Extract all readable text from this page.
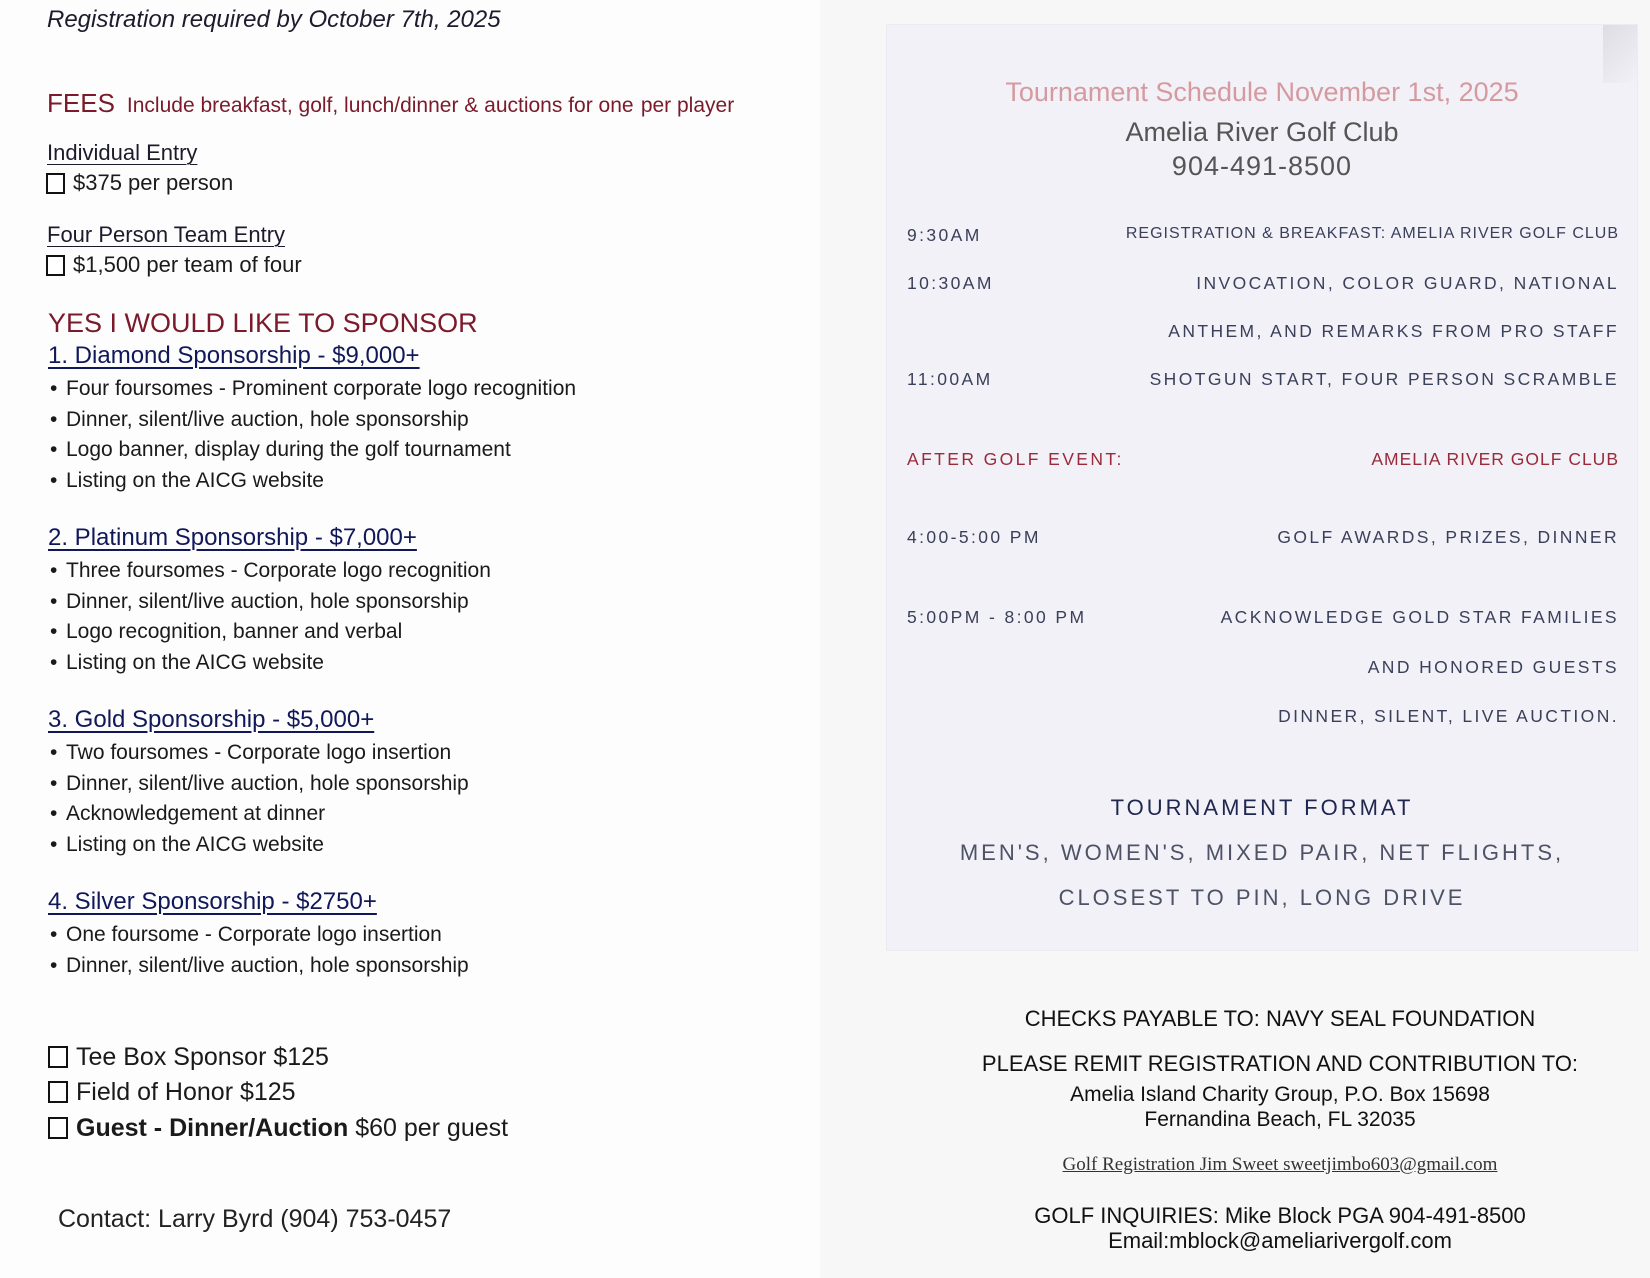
Registration required by October 7th, 2025
FEES Include breakfast, golf, lunch/dinner & auctions for one per player
Individual Entry
$375 per person
Four Person Team Entry
$1,500 per team of four
YES I WOULD LIKE TO SPONSOR
1. Diamond Sponsorship - $9,000+
• Four foursomes - Prominent corporate logo recognition
• Dinner, silent/live auction, hole sponsorship
• Logo banner, display during the golf tournament
• Listing on the AICG website
2. Platinum Sponsorship - $7,000+
• Three foursomes - Corporate logo recognition
• Dinner, silent/live auction, hole sponsorship
• Logo recognition, banner and verbal
• Listing on the AICG website
3. Gold Sponsorship - $5,000+
• Two foursomes - Corporate logo insertion
• Dinner, silent/live auction, hole sponsorship
• Acknowledgement at dinner
• Listing on the AICG website
4. Silver Sponsorship - $2750+
• One foursome - Corporate logo insertion
• Dinner, silent/live auction, hole sponsorship
Tee Box Sponsor $125
Field of Honor $125
Guest - Dinner/Auction
$60 per guest
Contact: Larry Byrd (904) 753-0457
Tournament Schedule November 1st, 2025
Amelia River Golf Club
904-491-8500
9:30AM	REGISTRATION & BREAKFAST: AMELIA RIVER GOLF CLUB
10:30AM	INVOCATION, COLOR GUARD, NATIONAL
ANTHEM, AND REMARKS FROM PRO STAFF
11:00AM	SHOTGUN START, FOUR PERSON SCRAMBLE
AFTER GOLF EVENT:	AMELIA RIVER GOLF CLUB
4:00-5:00 PM	GOLF AWARDS, PRIZES, DINNER
5:00PM - 8:00 PM	ACKNOWLEDGE GOLD STAR FAMILIES
AND HONORED GUESTS
DINNER, SILENT, LIVE AUCTION.
TOURNAMENT FORMAT
MEN'S, WOMEN'S, MIXED PAIR, NET FLIGHTS,
CLOSEST TO PIN, LONG DRIVE
CHECKS PAYABLE TO: NAVY SEAL FOUNDATION
PLEASE REMIT REGISTRATION AND CONTRIBUTION TO:
Amelia Island Charity Group, P.O. Box 15698
Fernandina Beach, FL 32035
Golf Registration Jim Sweet sweetjimbo603@gmail.com
GOLF INQUIRIES: Mike Block PGA 904-491-8500
Email:mblock@ameliarivergolf.com
